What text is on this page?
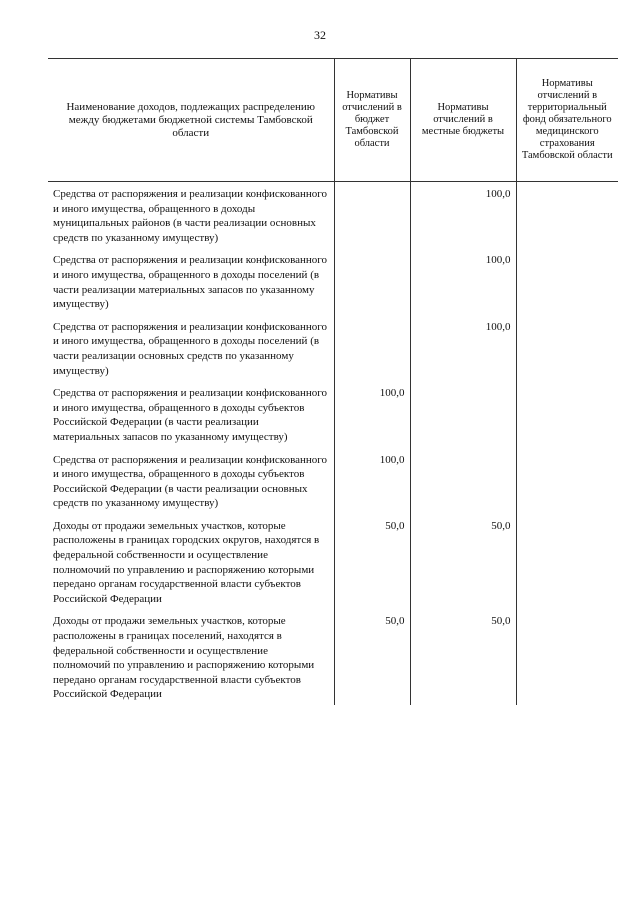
32
Наименование доходов, подлежащих распределению между бюджетами бюджетной системы Тамбовской области	Нормативы отчислений в бюджет Тамбовской области	Нормативы отчислений в местные бюджеты	Нормативы отчислений в территориальный фонд обязательного медицинского страхования Тамбовской области
Средства от распоряжения и реализации конфискованного и иного имущества, обращенного в доходы муниципальных районов (в части реализации основных средств по указанному имуществу)		100,0	
Средства от распоряжения и реализации конфискованного и иного имущества, обращенного в доходы поселений (в части реализации материальных запасов по указанному имуществу)		100,0	
Средства от распоряжения и реализации конфискованного и иного имущества, обращенного в доходы поселений (в части реализации основных средств по указанному имуществу)		100,0	
Средства от распоряжения и реализации конфискованного и иного имущества, обращенного в доходы субъектов Российской Федерации (в части реализации материальных запасов по указанному имуществу)	100,0		
Средства от распоряжения и реализации конфискованного и иного имущества, обращенного в доходы субъектов Российской Федерации (в части реализации основных средств по указанному имуществу)	100,0		
Доходы от продажи земельных участков, которые расположены в границах городских округов, находятся в федеральной собственности и осуществление полномочий по управлению и распоряжению которыми передано органам государственной власти субъектов Российской Федерации	50,0	50,0	
Доходы от продажи земельных участков, которые расположены в границах поселений, находятся в федеральной собственности и осуществление полномочий по управлению и распоряжению которыми передано органам государственной власти субъектов Российской Федерации	50,0	50,0	
